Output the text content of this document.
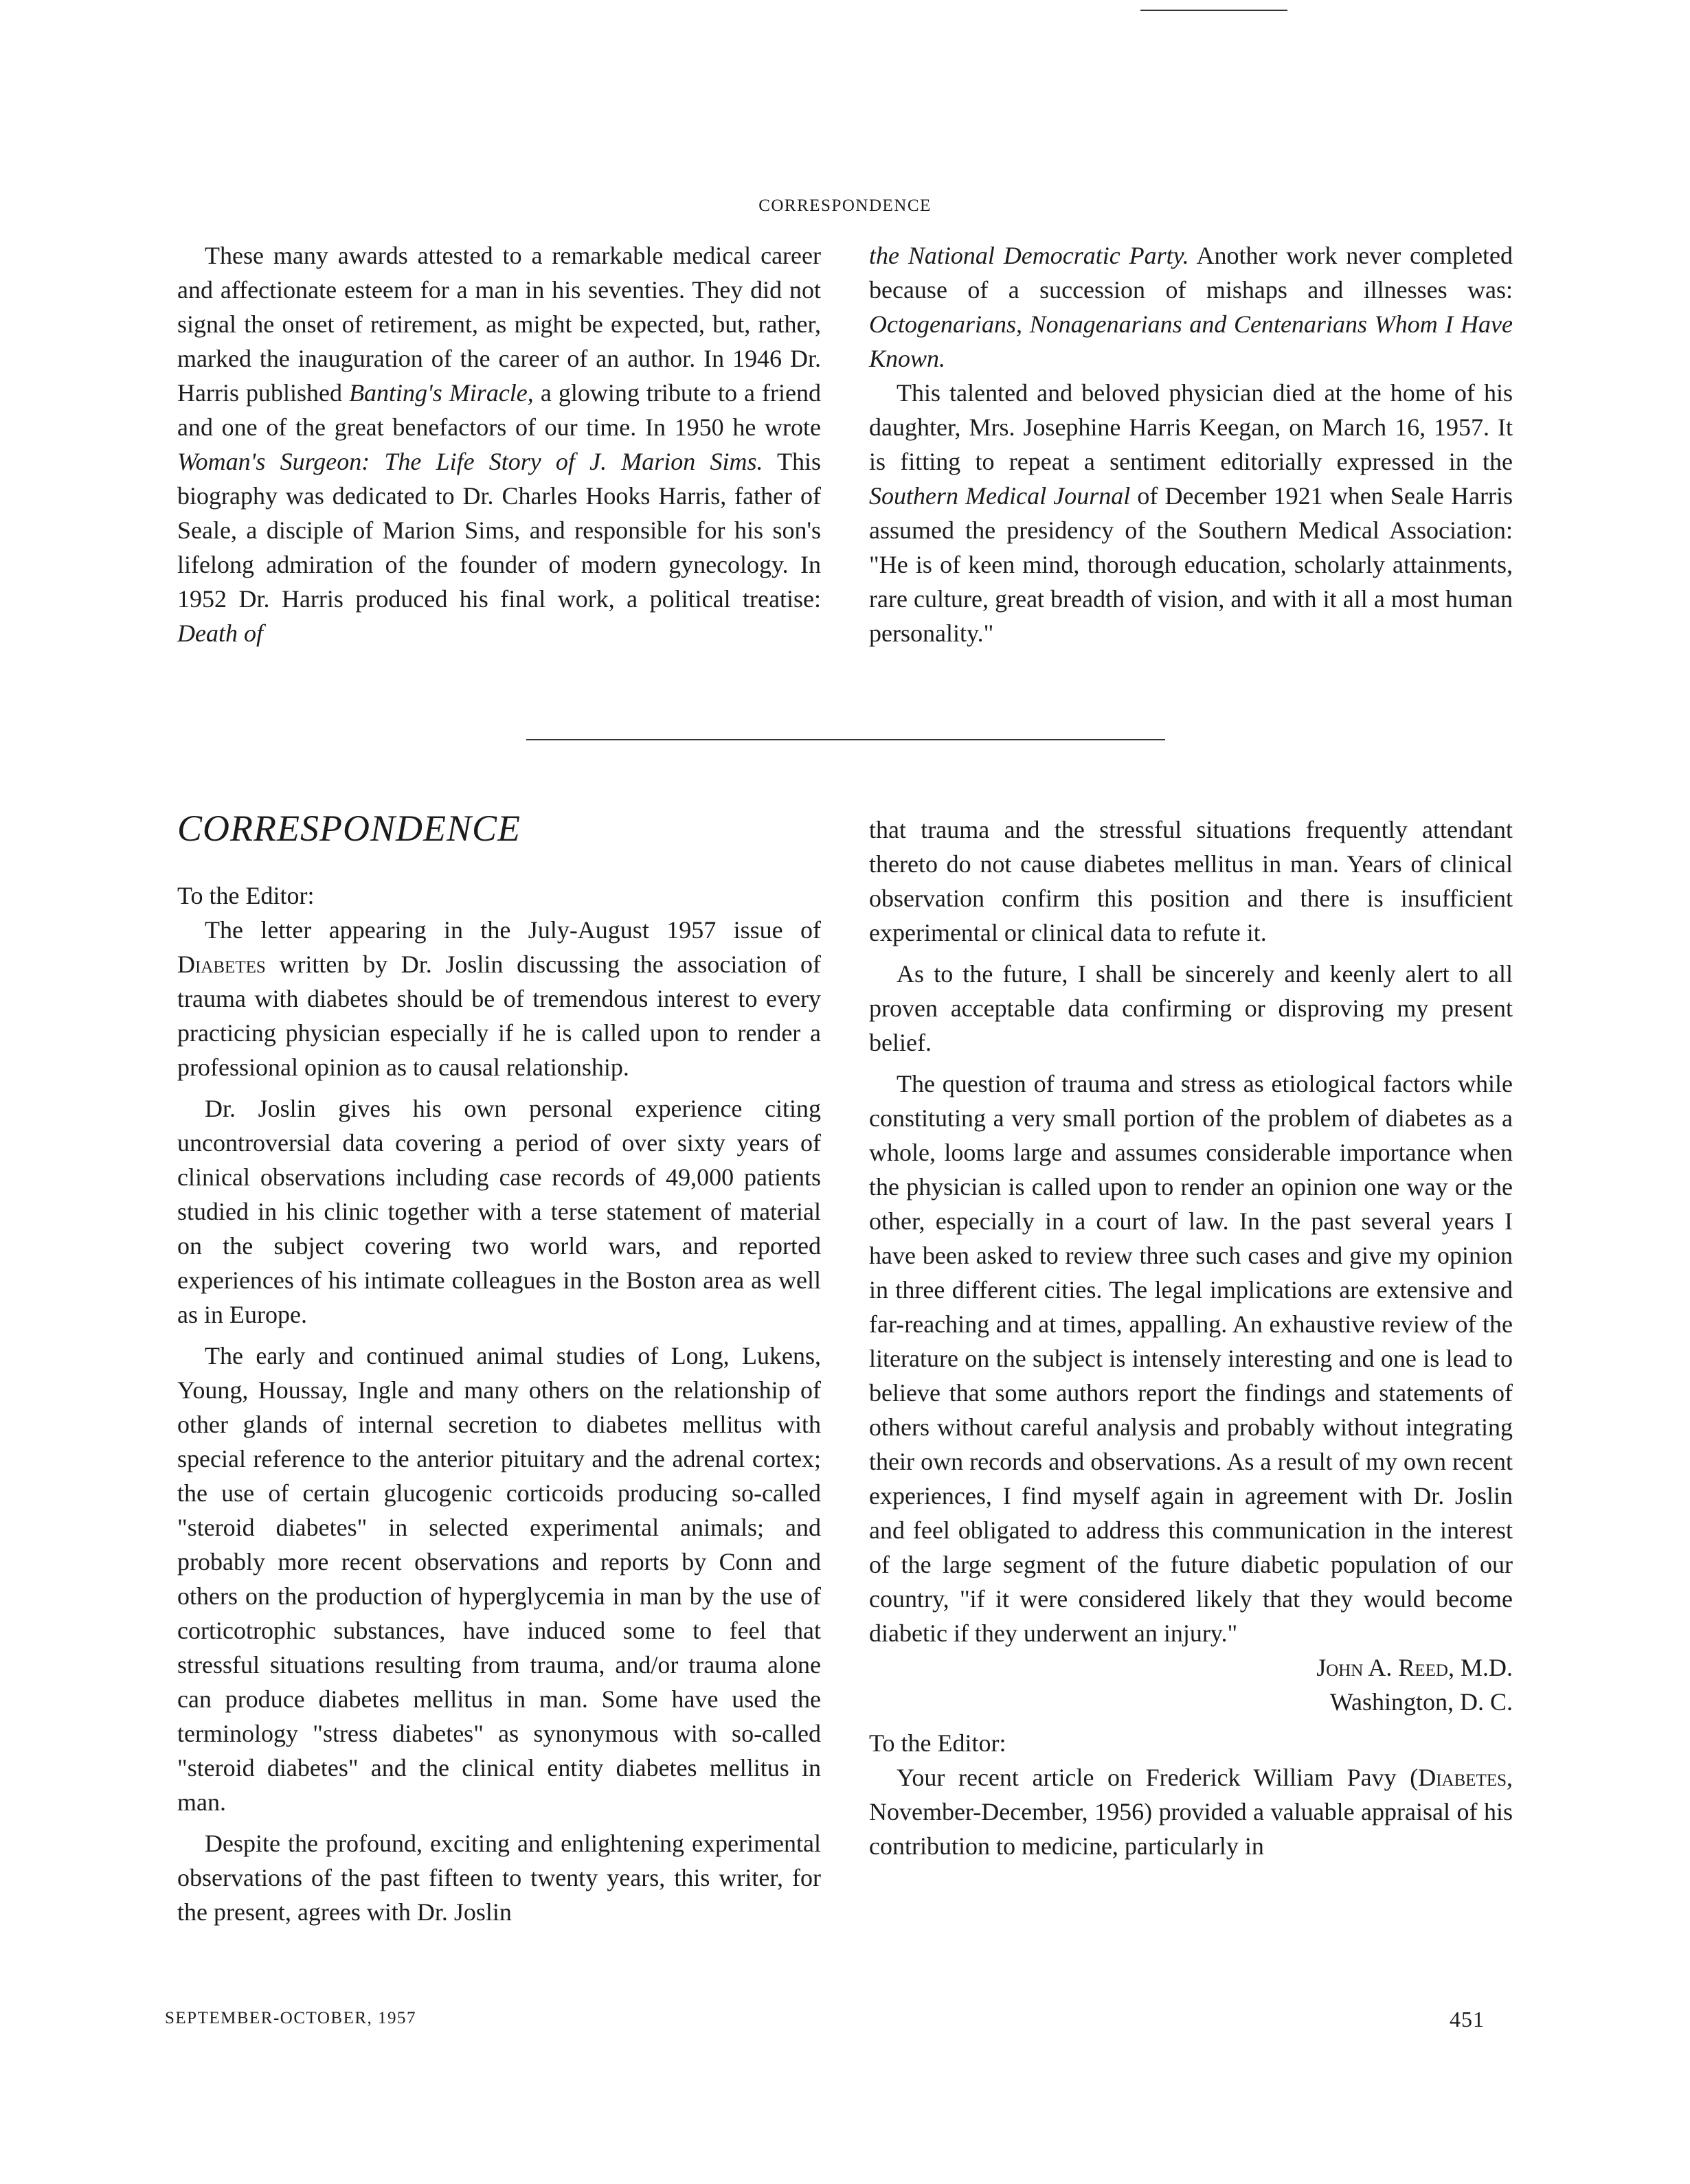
CORRESPONDENCE

These many awards attested to a remarkable medical career and affectionate esteem for a man in his seventies. They did not signal the onset of retirement, as might be expected, but, rather, marked the inauguration of the career of an author. In 1946 Dr. Harris published Banting's Miracle, a glowing tribute to a friend and one of the great benefactors of our time. In 1950 he wrote Woman's Surgeon: The Life Story of J. Marion Sims. This biography was dedicated to Dr. Charles Hooks Harris, father of Seale, a disciple of Marion Sims, and responsible for his son's lifelong admiration of the founder of modern gynecology. In 1952 Dr. Harris produced his final work, a political treatise: Death of

the National Democratic Party. Another work never completed because of a succession of mishaps and illnesses was: Octogenarians, Nonagenarians and Centenarians Whom I Have Known.

This talented and beloved physician died at the home of his daughter, Mrs. Josephine Harris Keegan, on March 16, 1957. It is fitting to repeat a sentiment editorially expressed in the Southern Medical Journal of December 1921 when Seale Harris assumed the presidency of the Southern Medical Association: "He is of keen mind, thorough education, scholarly attainments, rare culture, great breadth of vision, and with it all a most human personality."

CORRESPONDENCE

To the Editor:

The letter appearing in the July-August 1957 issue of Diabetes written by Dr. Joslin discussing the association of trauma with diabetes should be of tremendous interest to every practicing physician especially if he is called upon to render a professional opinion as to causal relationship.

Dr. Joslin gives his own personal experience citing uncontroversial data covering a period of over sixty years of clinical observations including case records of 49,000 patients studied in his clinic together with a terse statement of material on the subject covering two world wars, and reported experiences of his intimate colleagues in the Boston area as well as in Europe.

The early and continued animal studies of Long, Lukens, Young, Houssay, Ingle and many others on the relationship of other glands of internal secretion to diabetes mellitus with special reference to the anterior pituitary and the adrenal cortex; the use of certain glucogenic corticoids producing so-called "steroid diabetes" in selected experimental animals; and probably more recent observations and reports by Conn and others on the production of hyperglycemia in man by the use of corticotrophic substances, have induced some to feel that stressful situations resulting from trauma, and/or trauma alone can produce diabetes mellitus in man. Some have used the terminology "stress diabetes" as synonymous with so-called "steroid diabetes" and the clinical entity diabetes mellitus in man.

Despite the profound, exciting and enlightening experimental observations of the past fifteen to twenty years, this writer, for the present, agrees with Dr. Joslin

that trauma and the stressful situations frequently attendant thereto do not cause diabetes mellitus in man. Years of clinical observation confirm this position and there is insufficient experimental or clinical data to refute it.

As to the future, I shall be sincerely and keenly alert to all proven acceptable data confirming or disproving my present belief.

The question of trauma and stress as etiological factors while constituting a very small portion of the problem of diabetes as a whole, looms large and assumes considerable importance when the physician is called upon to render an opinion one way or the other, especially in a court of law. In the past several years I have been asked to review three such cases and give my opinion in three different cities. The legal implications are extensive and far-reaching and at times, appalling. An exhaustive review of the literature on the subject is intensely interesting and one is lead to believe that some authors report the findings and statements of others without careful analysis and probably without integrating their own records and observations. As a result of my own recent experiences, I find myself again in agreement with Dr. Joslin and feel obligated to address this communication in the interest of the large segment of the future diabetic population of our country, "if it were considered likely that they would become diabetic if they underwent an injury."

John A. Reed, M.D.

Washington, D. C.

To the Editor:

Your recent article on Frederick William Pavy (Diabetes, November-December, 1956) provided a valuable appraisal of his contribution to medicine, particularly in

SEPTEMBER-OCTOBER, 1957	451
